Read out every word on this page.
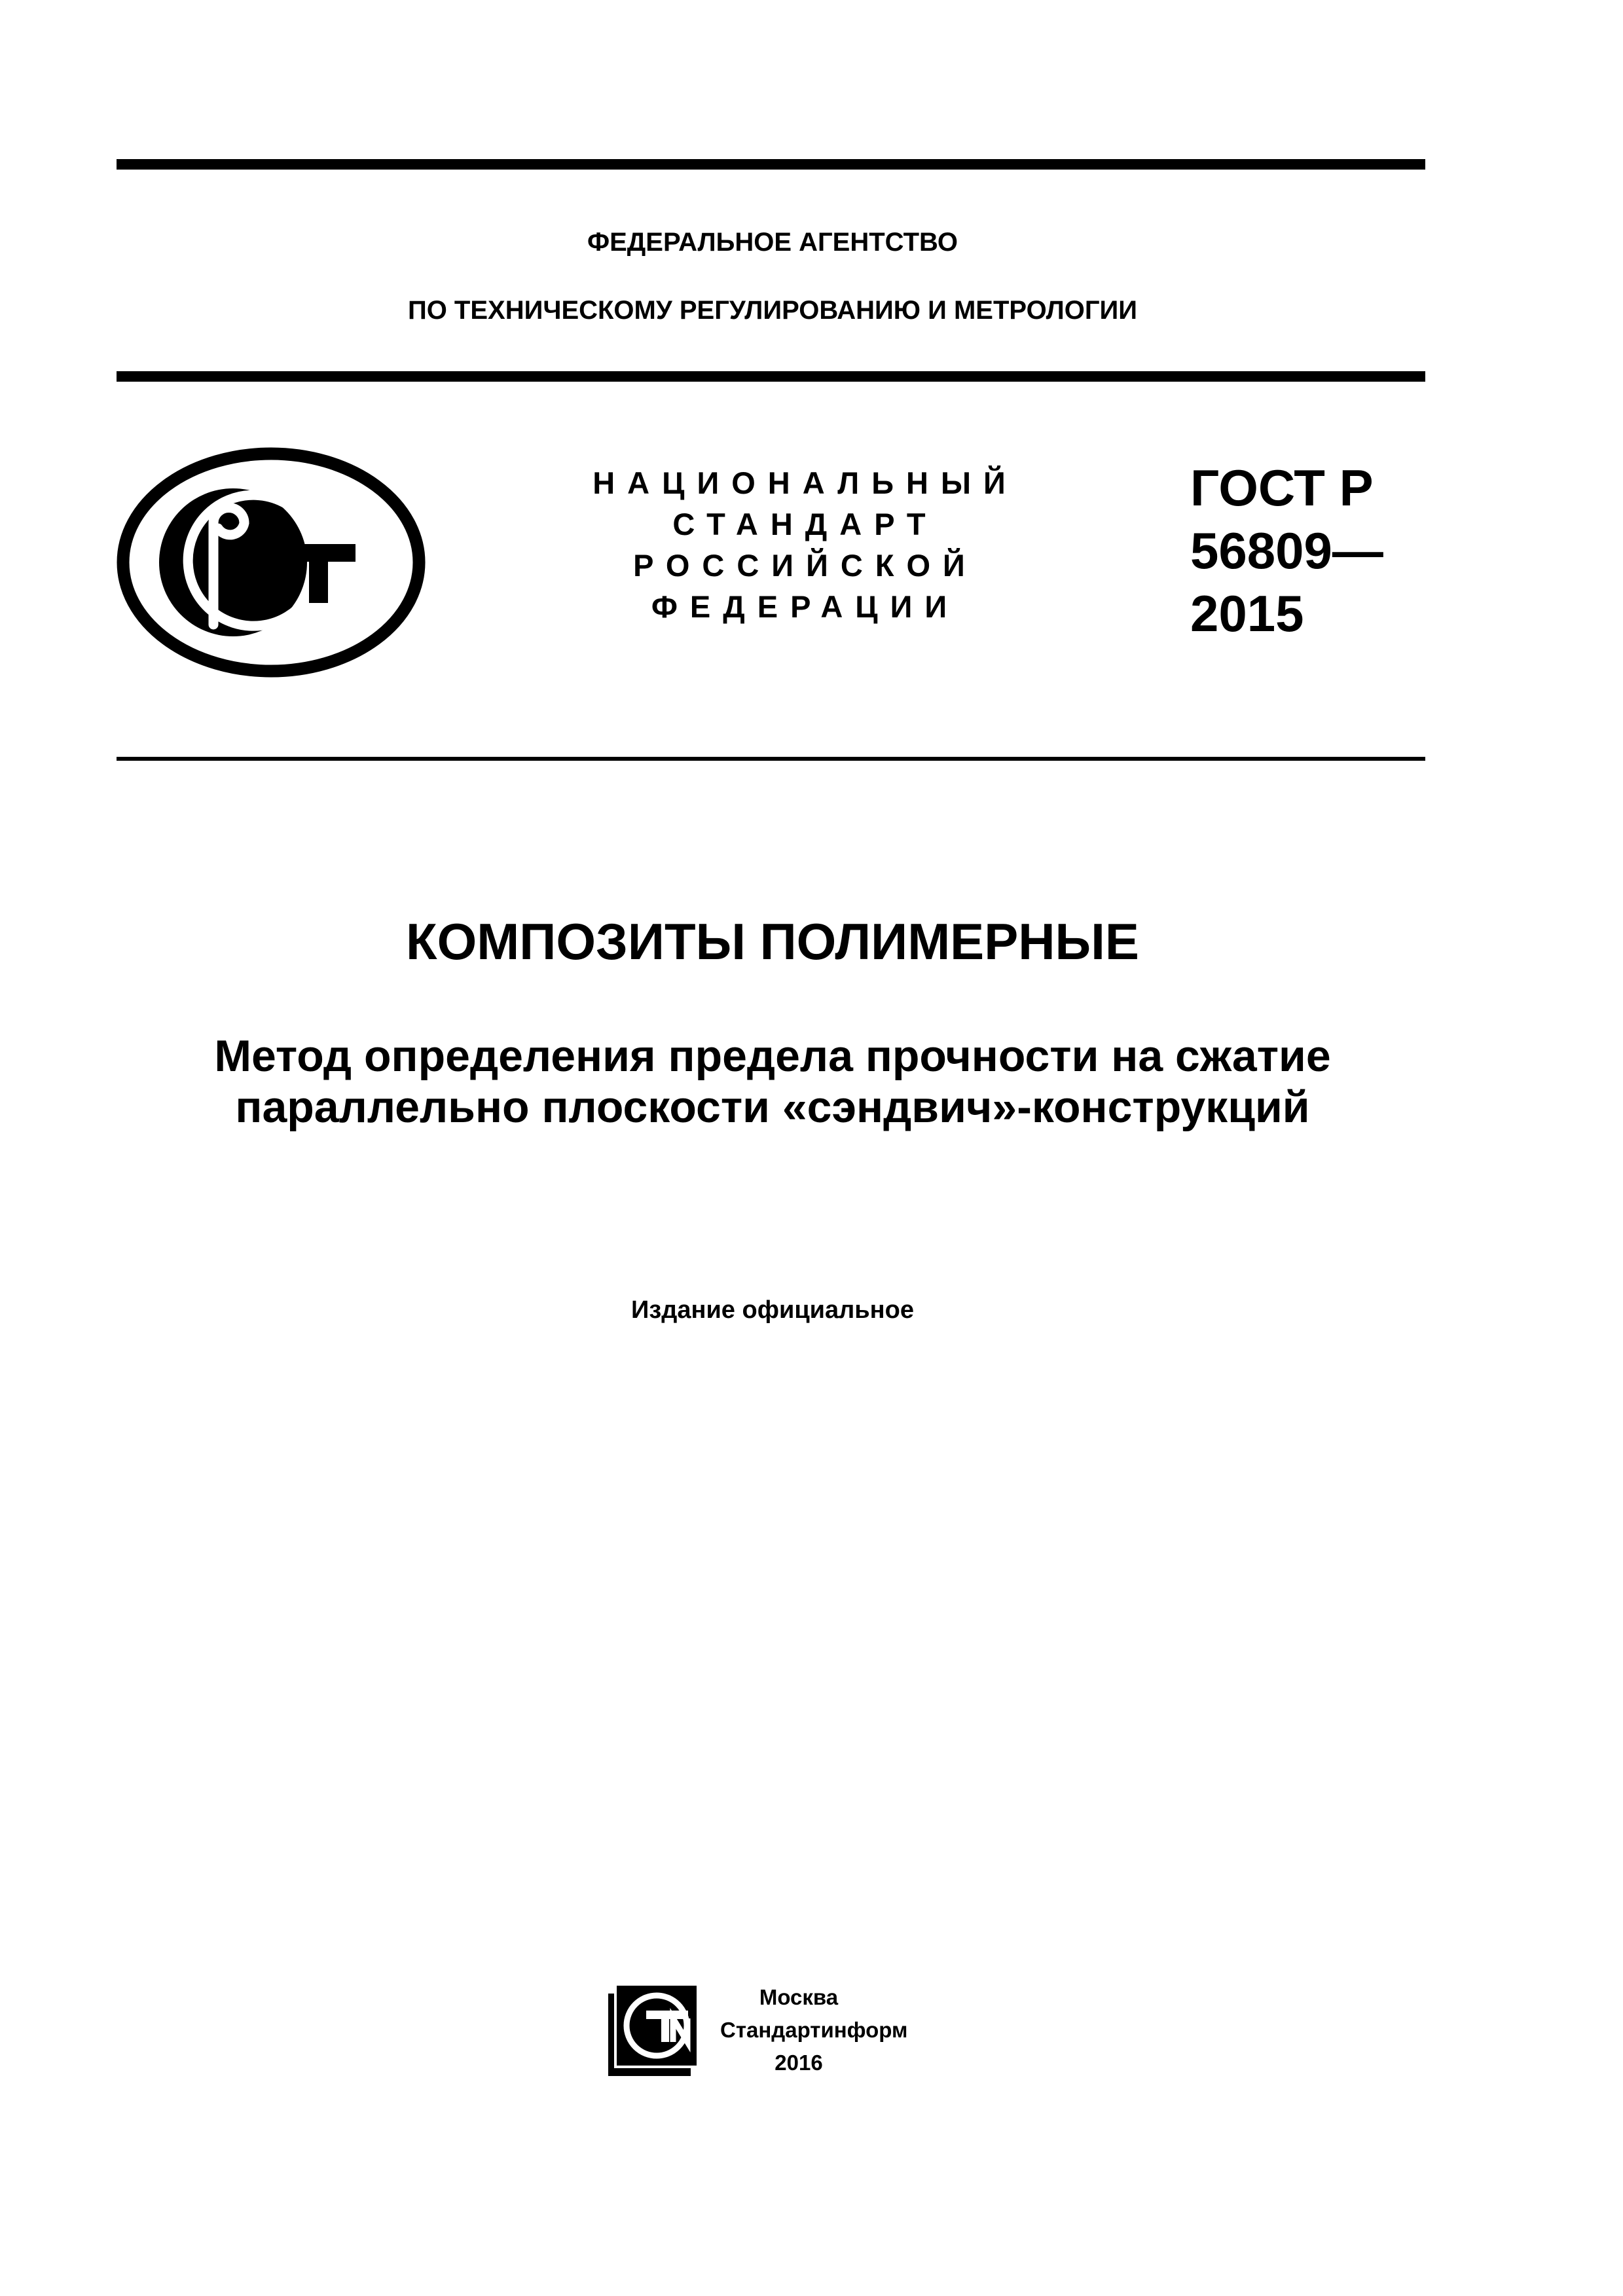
ФЕДЕРАЛЬНОЕ АГЕНТСТВО
ПО ТЕХНИЧЕСКОМУ РЕГУЛИРОВАНИЮ И МЕТРОЛОГИИ
НАЦИОНАЛЬНЫЙ
СТАНДАРТ
РОССИЙСКОЙ
ФЕДЕРАЦИИ
ГОСТ Р
56809—
2015
КОМПОЗИТЫ ПОЛИМЕРНЫЕ
Метод определения предела прочности на сжатие
параллельно плоскости «сэндвич»-конструкций
Издание официальное
Москва
Стандартинформ
2016
